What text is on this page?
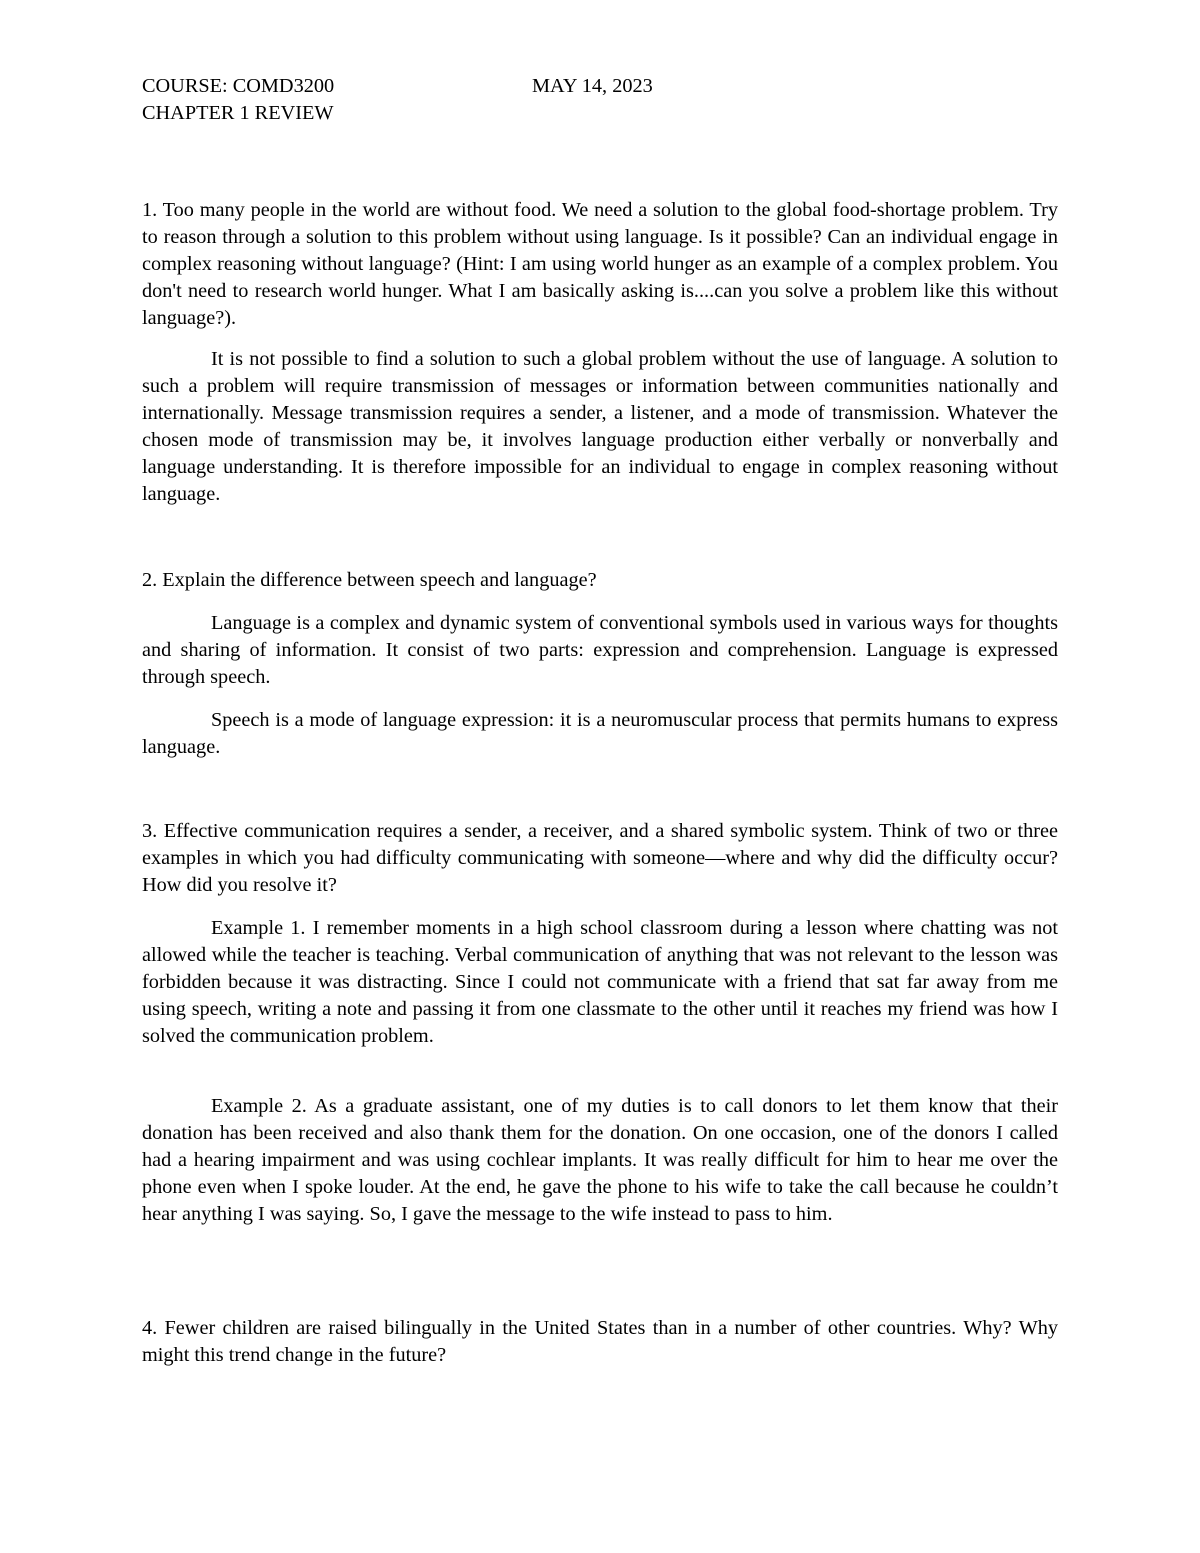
COURSE: COMD3200	MAY 14, 2023
CHAPTER 1 REVIEW

1. Too many people in the world are without food. We need a solution to the global food-shortage problem. Try to reason through a solution to this problem without using language. Is it possible? Can an individual engage in complex reasoning without language? (Hint: I am using world hunger as an example of a complex problem. You don't need to research world hunger. What I am basically asking is....can you solve a problem like this without language?).

It is not possible to find a solution to such a global problem without the use of language. A solution to such a problem will require transmission of messages or information between communities nationally and internationally. Message transmission requires a sender, a listener, and a mode of transmission. Whatever the chosen mode of transmission may be, it involves language production either verbally or nonverbally and language understanding. It is therefore impossible for an individual to engage in complex reasoning without language.

2. Explain the difference between speech and language?

Language is a complex and dynamic system of conventional symbols used in various ways for thoughts and sharing of information. It consist of two parts: expression and comprehension. Language is expressed through speech.

Speech is a mode of language expression: it is a neuromuscular process that permits humans to express language.

3. Effective communication requires a sender, a receiver, and a shared symbolic system. Think of two or three examples in which you had difficulty communicating with someone—where and why did the difficulty occur? How did you resolve it?

Example 1. I remember moments in a high school classroom during a lesson where chatting was not allowed while the teacher is teaching. Verbal communication of anything that was not relevant to the lesson was forbidden because it was distracting. Since I could not communicate with a friend that sat far away from me using speech, writing a note and passing it from one classmate to the other until it reaches my friend was how I solved the communication problem.

Example 2. As a graduate assistant, one of my duties is to call donors to let them know that their donation has been received and also thank them for the donation. On one occasion, one of the donors I called had a hearing impairment and was using cochlear implants. It was really difficult for him to hear me over the phone even when I spoke louder. At the end, he gave the phone to his wife to take the call because he couldn’t hear anything I was saying. So, I gave the message to the wife instead to pass to him.

4. Fewer children are raised bilingually in the United States than in a number of other countries. Why? Why might this trend change in the future?
